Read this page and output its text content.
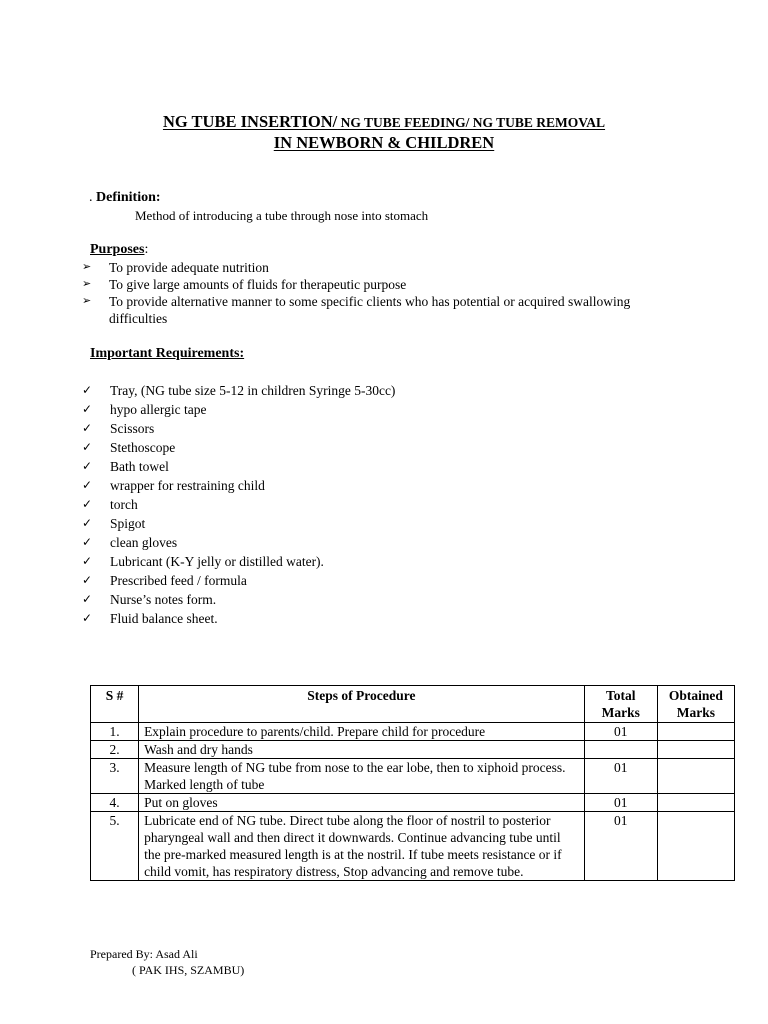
NG TUBE INSERTION/ NG TUBE FEEDING/ NG TUBE REMOVAL
IN NEWBORN & CHILDREN
. Definition:
Method of introducing a tube through nose into stomach
Purposes:
➢ To provide adequate nutrition
➢ To give large amounts of fluids for therapeutic purpose
➢ To provide alternative manner to some specific clients who has potential or acquired swallowing difficulties
Important Requirements:
✓ Tray, (NG tube size 5-12 in children Syringe 5-30cc)
✓ hypo allergic tape
✓ Scissors
✓ Stethoscope
✓ Bath towel
✓ wrapper for restraining child
✓ torch
✓ Spigot
✓ clean gloves
✓ Lubricant (K-Y jelly or distilled water).
✓ Prescribed feed / formula
✓ Nurse’s notes form.
✓ Fluid balance sheet.
S #	Steps of Procedure	Total Marks	Obtained Marks
1.	Explain procedure to parents/child. Prepare child for procedure	01	
2.	Wash and dry hands		
3.	Measure length of NG tube from nose to the ear lobe, then to xiphoid process. Marked length of tube	01	
4.	Put on gloves	01	
5.	Lubricate end of NG tube. Direct tube along the floor of nostril to posterior pharyngeal wall and then direct it downwards. Continue advancing tube until the pre-marked measured length is at the nostril. If tube meets resistance or if child vomit, has respiratory distress, Stop advancing and remove tube.	01	
Prepared By: Asad Ali
( PAK IHS, SZAMBU)
